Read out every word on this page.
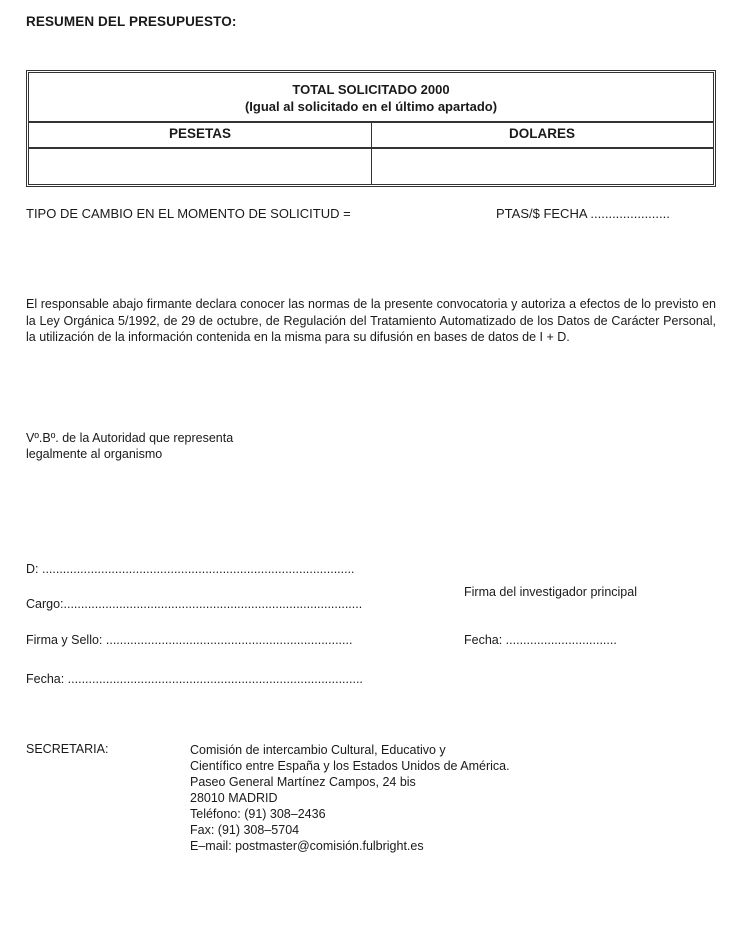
RESUMEN DEL PRESUPUESTO:
TOTAL SOLICITADO 2000
(Igual al solicitado en el último apartado)
PESETAS	DOLARES
TIPO DE CAMBIO EN EL MOMENTO DE SOLICITUD =	PTAS/$ FECHA ......................
El responsable abajo firmante declara conocer las normas de la presente convocatoria y autoriza a efectos de lo previsto en la Ley Orgánica 5/1992, de 29 de octubre, de Regulación del Tratamiento Automatizado de los Datos de Carácter Personal, la utilización de la información contenida en la misma para su difusión en bases de datos de I + D.
Vº.Bº. de la Autoridad que representa
legalmente al organismo
D: ..........................................................................................
Firma del investigador principal
Cargo:......................................................................................
Firma y Sello: .......................................................................	Fecha: ................................
Fecha: .....................................................................................
SECRETARIA:	Comisión de intercambio Cultural, Educativo y
Científico entre España y los Estados Unidos de América.
Paseo General Martínez Campos, 24 bis
28010 MADRID
Teléfono: (91) 308–2436
Fax: (91) 308–5704
E–mail: postmaster@comisión.fulbright.es
